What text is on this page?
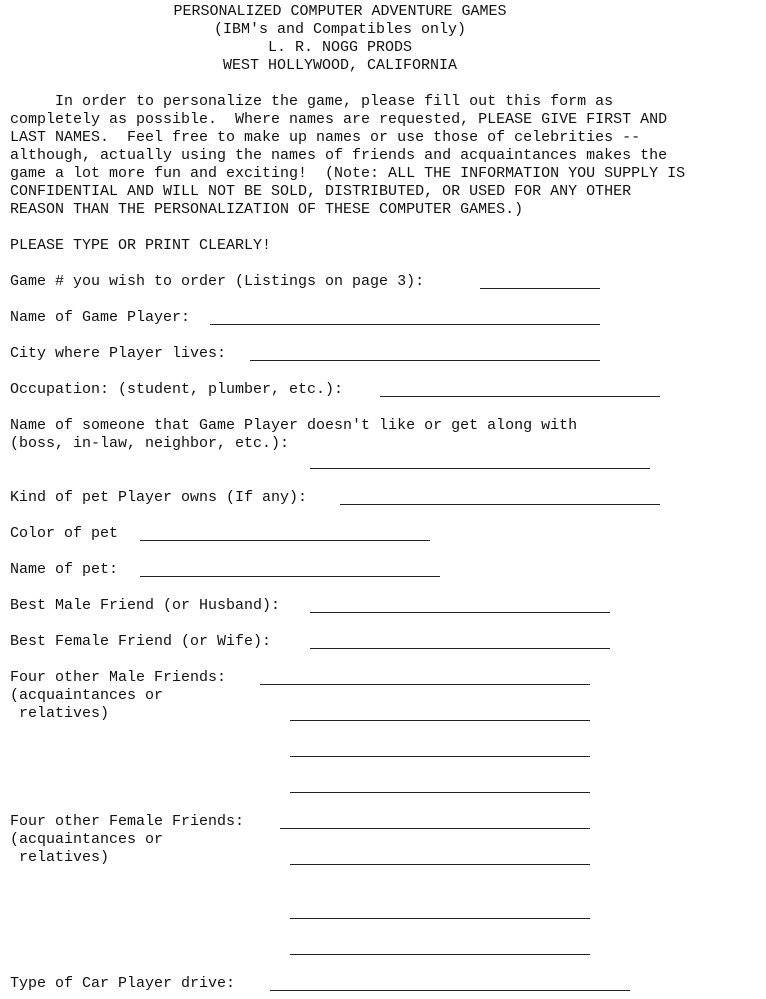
PERSONALIZED COMPUTER ADVENTURE GAMES
(IBM's and Compatibles only)
L. R. NOGG PRODS
WEST HOLLYWOOD, CALIFORNIA
In order to personalize the game, please fill out this form as
completely as possible.  Where names are requested, PLEASE GIVE FIRST AND
LAST NAMES.  Feel free to make up names or use those of celebrities --
although, actually using the names of friends and acquaintances makes the
game a lot more fun and exciting!  (Note: ALL THE INFORMATION YOU SUPPLY IS
CONFIDENTIAL AND WILL NOT BE SOLD, DISTRIBUTED, OR USED FOR ANY OTHER
REASON THAN THE PERSONALIZATION OF THESE COMPUTER GAMES.)
PLEASE TYPE OR PRINT CLEARLY!
Game # you wish to order (Listings on page 3):
Name of Game Player:
City where Player lives:
Occupation: (student, plumber, etc.):
Name of someone that Game Player doesn't like or get along with
(boss, in-law, neighbor, etc.):
Kind of pet Player owns (If any):
Color of pet
Name of pet:
Best Male Friend (or Husband):
Best Female Friend (or Wife):
Four other Male Friends:
(acquaintances or
relatives)
Four other Female Friends:
(acquaintances or
relatives)
Type of Car Player drive:
